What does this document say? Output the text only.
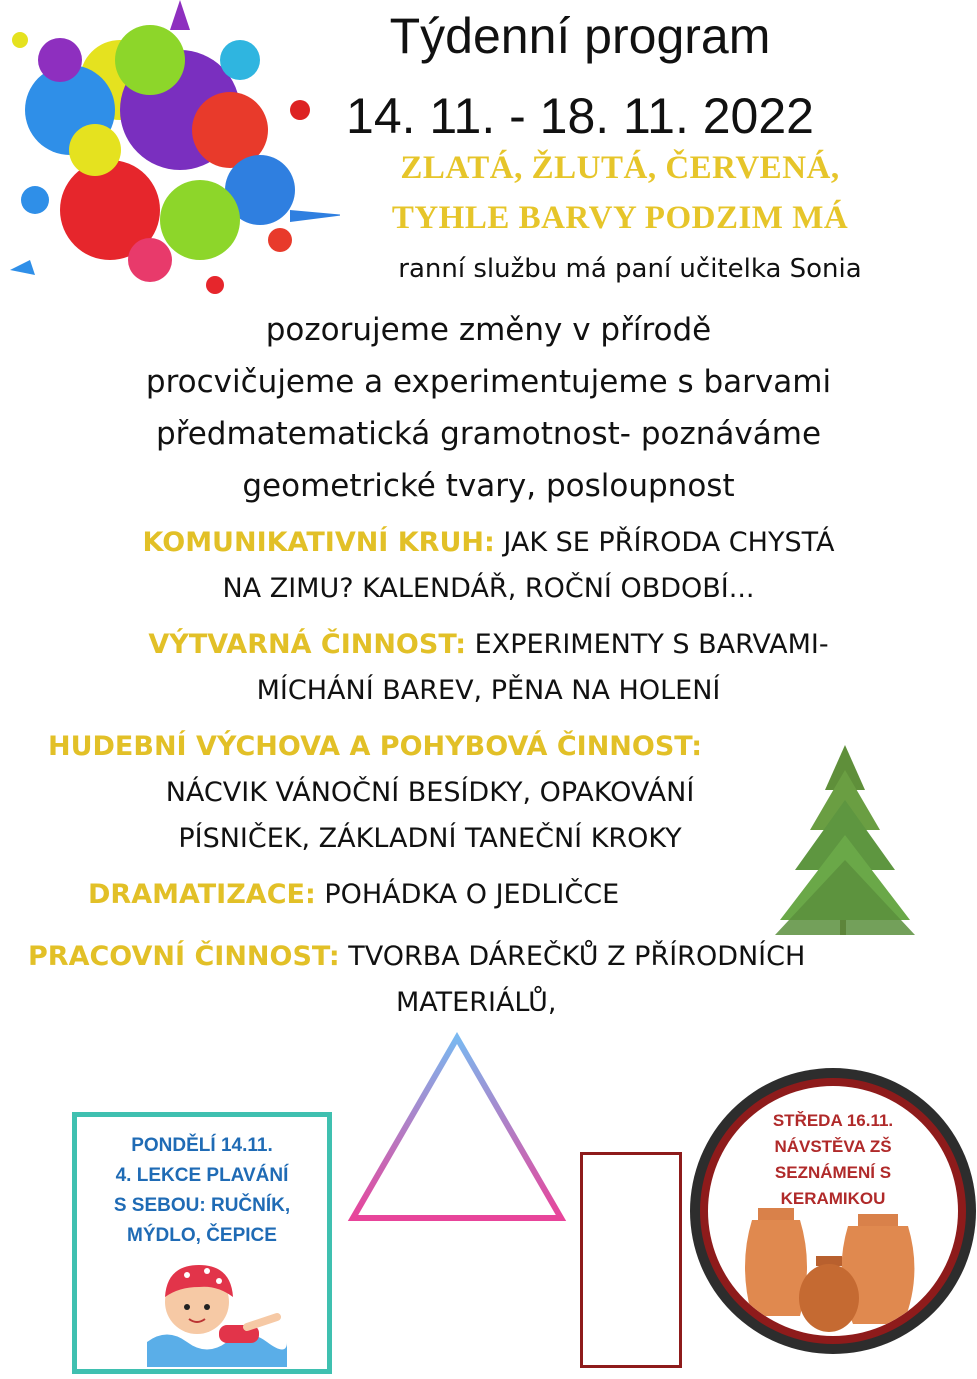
Týdenní program
14. 11. - 18. 11. 2022
ZLATÁ, ŽLUTÁ, ČERVENÁ,
TYHLE BARVY PODZIM MÁ
ranní službu má paní učitelka Sonia
pozorujeme změny v přírodě
procvičujeme a experimentujeme s barvami
předmatematická gramotnost- poznáváme
geometrické tvary, posloupnost
KOMUNIKATIVNÍ KRUH: JAK SE PŘÍRODA CHYSTÁ
NA ZIMU? KALENDÁŘ, ROČNÍ OBDOBÍ...
VÝTVARNÁ ČINNOST: EXPERIMENTY S BARVAMI-
MÍCHÁNÍ BAREV, PĚNA NA HOLENÍ
HUDEBNÍ VÝCHOVA A POHYBOVÁ ČINNOST:
NÁCVIK VÁNOČNÍ BESÍDKY, OPAKOVÁNÍ
PÍSNIČEK, ZÁKLADNÍ TANEČNÍ KROKY
DRAMATIZACE: POHÁDKA O JEDLIČCE
PRACOVNÍ ČINNOST: TVORBA DÁREČKŮ Z PŘÍRODNÍCH
MATERIÁLŮ,
PONDĚLÍ 14.11.
4. LEKCE PLAVÁNÍ
S SEBOU: RUČNÍK,
MÝDLO, ČEPICE
STŘEDA 16.11.
NÁVSTĚVA ZŠ
SEZNÁMENÍ S
KERAMIKOU
